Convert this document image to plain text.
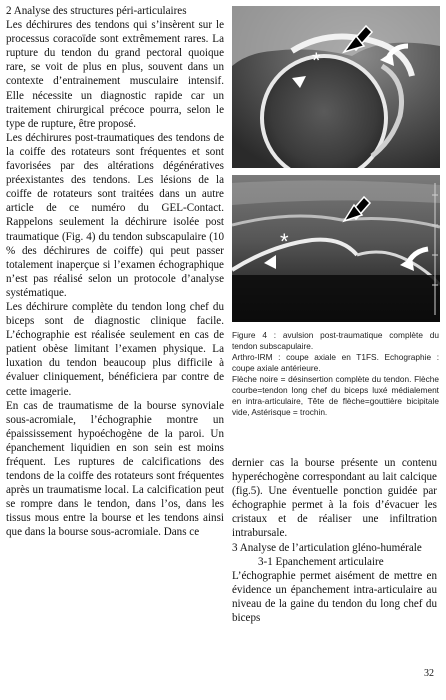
2 Analyse des structures péri-articulaires

Les déchirures des tendons qui s’insèrent sur le processus coracoïde sont extrêmement rares. La rupture du tendon du grand pectoral quoique rare, se voit de plus en plus, souvent dans un contexte d’entrainement musculaire intensif. Elle nécessite un diagnostic rapide car un traitement chirurgical précoce pourra, selon le type de rupture, être proposé.

Les déchirures post-traumatiques des tendons de la coiffe des rotateurs sont fréquentes et sont favorisées par des altérations dégénératives préexistantes des tendons. Les lésions de la coiffe de rotateurs sont traitées dans un autre article de ce numéro du GEL-Contact. Rappelons seulement la déchirure isolée post traumatique (Fig. 4) du tendon subscapulaire (10 % des déchirures de coiffe) qui peut passer totalement inaperçue si l’examen échographique n’est pas réalisé selon un protocole d’analyse systématique.

Les déchirure complète du tendon long chef du biceps sont de diagnostic clinique facile. L’échographie est réalisée seulement en cas de patient obèse limitant l’examen physique. La luxation du tendon beaucoup plus difficile à évaluer cliniquement, bénéficiera par contre de cette imagerie.

En cas de traumatisme de la bourse synoviale sous-acromiale, l’échographie montre un épaississement hypoéchogène de la paroi. Un épanchement liquidien en son sein est moins fréquent. Les ruptures de calcifications des tendons de la coiffe des rotateurs sont fréquentes après un traumatisme local. La calcification peut se rompre dans le tendon, dans l’os, dans les tissus mous entre la bourse et les tendons ainsi que dans la bourse sous-acromiale. Dans ce

*
*

Figure 4 : avulsion post-traumatique complète du tendon subscapulaire.

Arthro-IRM : coupe axiale en T1FS. Echographie : coupe axiale antérieure.

Flèche noire = désinsertion complète du tendon. Flèche courbe=tendon long chef du biceps luxé médialement en intra-articulaire, Tête de flèche=gouttière bicipitale vide, Astérisque = trochin.

dernier cas la bourse présente un contenu hyperéchogène correspondant au lait calcique (fig.5). Une éventuelle ponction guidée par échographie permet à la fois d’évacuer les cristaux et de réaliser une infiltration intrabursale.

3 Analyse de l’articulation gléno-humérale

3-1 Epanchement articulaire

L’échographie permet aisément de mettre en évidence un épanchement intra-articulaire au niveau de la gaine du tendon du long chef du biceps

32
